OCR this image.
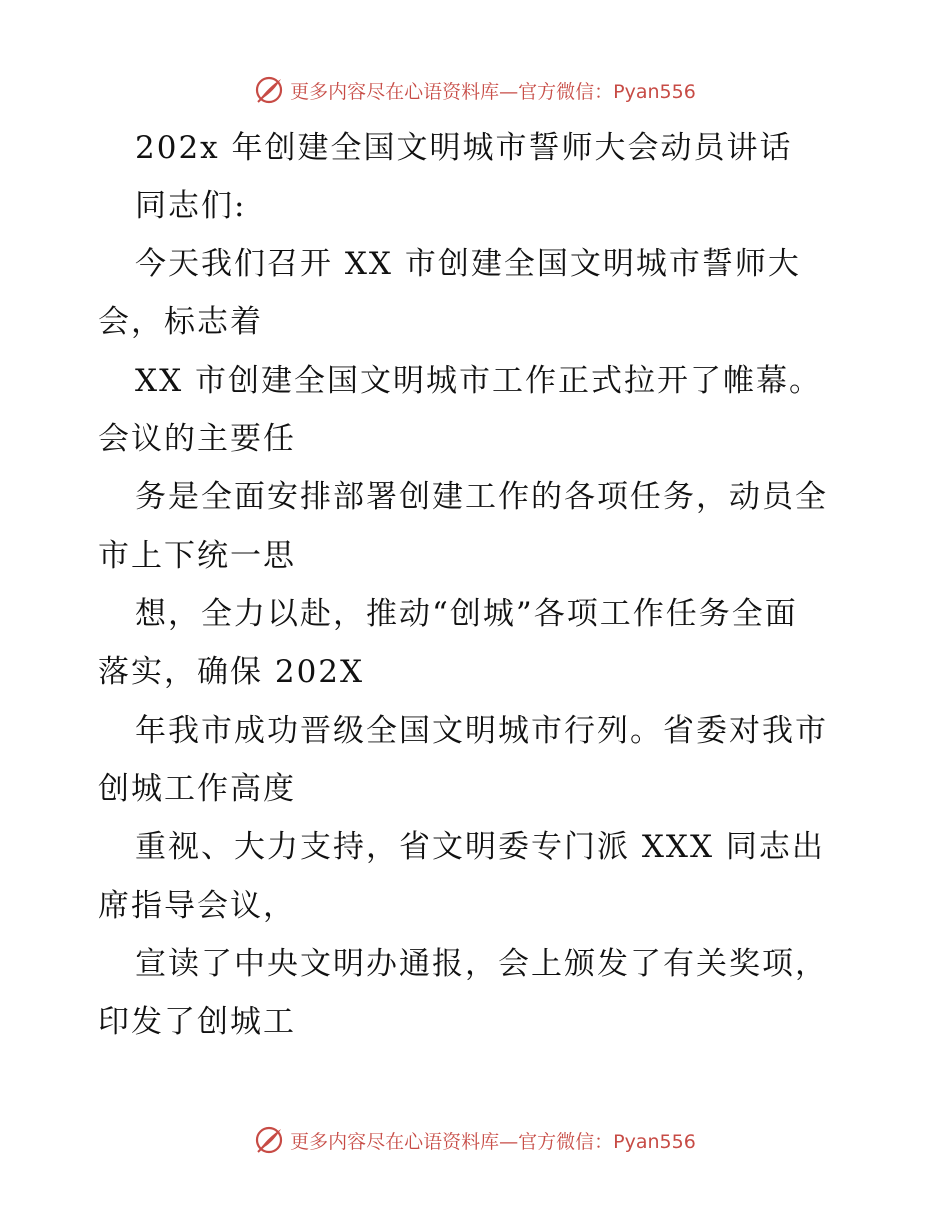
更多内容尽在心语资料库—官方微信：Pyan556
202x 年创建全国文明城市誓师大会动员讲话
同志们:
今天我们召开 XX 市创建全国文明城市誓师大
会，标志着
XX 市创建全国文明城市工作正式拉开了帷幕。
会议的主要任
务是全面安排部署创建工作的各项任务，动员全
市上下统一思
想，全力以赴，推动“创城”各项工作任务全面
落实，确保 202X
年我市成功晋级全国文明城市行列。省委对我市
创城工作高度
重视、大力支持，省文明委专门派 XXX 同志出
席指导会议，
宣读了中央文明办通报，会上颁发了有关奖项，
印发了创城工
更多内容尽在心语资料库—官方微信：Pyan556
